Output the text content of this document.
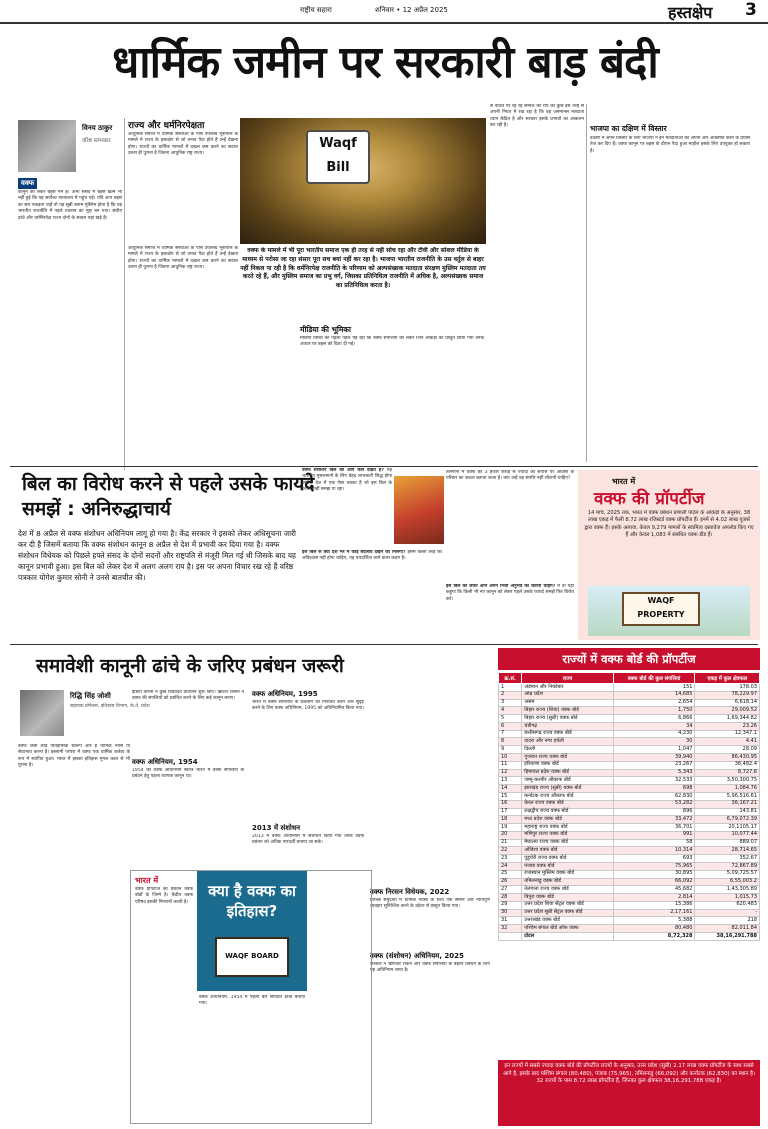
राष्ट्रीय सहारा	शनिवार • 12 अप्रैल 2025	हस्तक्षेप 3
धार्मिक जमीन पर सरकारी बाड़ बंदी
विनय ठाकुर
वरिष्ठ स्तंभकार
वक्फ
कानून को लेकर बहस गर्म है। अभी संसद में बहस खत्म भी नहीं हुई कि यह सर्वोच्च न्यायालय में पहुंच गई। यदि आप बहस का सार पकड़ना चाहें तो यह सुन्नी बनाम मुस्लिम होता है कि यह भारतीय राजनीति में पहले टकराव का मुद्दा बन गया। संघीय ढांचे और धर्मनिरपेक्ष राज्य दोनों के सवाल यहां खड़े हैं।
राज्य और धर्मनिरपेक्षता
आधुनिक समाज में धार्मिक संस्थाओं के पास उपलब्ध भूसंपत्ति के मामले में राज्य के हस्तक्षेप से जो तनाव पैदा होते हैं उन्हें देखना होगा। राज्यों का धार्मिक मामलों में दखल कम करने का सवाल उतना ही पुराना है जितना आधुनिक राष्ट्र राज्य।
Waqf Bill
वक्फ के मामले में भी पूरा भारतीय समाज एक ही तरह से नहीं सोच रहा और टीवी और सोशल मीडिया के माध्यम से परोसा जा रहा संसार पूरा सच बयां नहीं कर रहा है। भाजपा भारतीय राजनीति के उस वर्तुल से बाहर नहीं निकल पा रही है कि धर्मनिरपेक्ष राजनीति के परिणाम को अल्पसंख्यक मतदाता संरक्षण मुस्लिम मतदाता तय करते रहे हैं, और मुस्लिम समाज का प्रभु वर्ग, जिसका प्रतिनिधित्व राजनीति में अधिक है, अल्पसंख्यक समाज का प्रतिनिधित्व करता है।
आधुनिक समाज में धार्मिक संस्थाओं के पास उपलब्ध भूसंपत्ति के मामले में राज्य के हस्तक्षेप से जो तनाव पैदा होते हैं उन्हें देखना होगा। राज्यों का धार्मिक मामलों में दखल कम करने का सवाल उतना ही पुराना है जितना आधुनिक राष्ट्र राज्य।
मीडिया की भूमिका
मीडिया विमर्श की पहली पहल यह रही कि वक्फ संपत्तियों को लेकर जिन आंकड़ों को प्रस्तुत किया गया उनके आधार पर बहस को दिशा दी गई।
से वंचित पर रह रहे समाज की राय को कुछ इस तरह से अपनी नियत में रख रहा है कि वह जनमानस मतदाता ध्यान केंद्रित है और सरकार इसके प्रभावों का आकलन कर रही है।	भाजपा का दक्षिण में विस्तार
दक्षिण में अपने विस्तार के लिए भाजपा ने इन मतदाताओं को अपनी ओर आकर्षित करने के प्रयास तेज कर दिए हैं। वक्फ कानून पर बहस के दौरान पैदा हुआ माहौल इसके लिए उपयुक्त हो सकता है।
बिल का विरोध करने से पहले उसके फायदे समझें : अनिरुद्धाचार्य
देश में 8 अप्रैल से वक्फ संशोधन अधिनियम लागू हो गया है। केंद्र सरकार ने इसको लेकर अधिसूचना जारी कर दी है जिसमें बताया कि वक्फ संशोधन कानून 8 अप्रैल से देश में प्रभावी कर दिया गया है। वक्फ संशोधन विधेयक को पिछले हफ्ते संसद के दोनों सदनों और राष्ट्रपति से मंजूरी मिल गई थी जिसके बाद यह कानून प्रभावी हुआ। इस बिल को लेकर देश में अलग अलग राय है। इस पर अपना विचार रख रहे हैं वरिष्ठ पत्रकार योगेश कुमार सोनी ने उनसे बातचीत की।
वक्फ संशोधन बिल को आप कैसे देखते हैं? यह भारतीय मुसलमानों के लिए बेहद लाभकारी सिद्ध होगा क्योंकि देश में एक ऐसा तबका है जो इस बिल के फायदे नहीं समझ पा रहा।
इस बिल से क्या देश भर में कोई बदलाव देखने को मिलेगा? इसमें किसी तरह का अविश्वास नहीं होना चाहिए, यह पारदर्शिता लाने वाला कदम है।
तेलंगाना में वक्फ की 3 हजार करोड़ से ज्यादा की संपत्ति पर ओवैसी के परिवार का कब्जा बताया जाता है। क्या उन्हें वह संपत्ति नहीं लौटानी चाहिए?
इस बिल को लेकर आप अपने निजी अनुभव को बताना चाहेंगे? मैं तो यही कहूंगा कि किसी भी नए कानून को लेकर पहले उसके फायदे समझें फिर विरोध करें।
भारत में
वक्फ की प्रॉपर्टीज
14 मार्च, 2025 तक, भारत में वक्फ प्रबंधन प्रणाली पोर्टल के आंकड़ों के अनुसार, 38 लाख एकड़ में फैली 8.72 लाख रजिस्टर्ड वक्फ प्रॉपर्टीज हैं। इनमें से 4.02 लाख यूजर्स द्वारा वक्फ हैं। इसके अलावा, केवल 9,279 मामलों के स्वामित्व दस्तावेज अपलोड किए गए हैं और केवल 1,083 में संबंधित वक्फ डीड हैं।
WAQF PROPERTY
समावेशी कानूनी ढांचे के जरिए प्रबंधन जरूरी
रिद्धि सिंह जोशी
सहायक प्रोफेसर, इतिहास विभाग, के.ते. प्रदेश
वक्फ जैसी तरह ऐतिहासिक स्वरूप और है धार्मिक न्यास या सेवाभाव करना है। इस्लामी परंपरा में वक्फ एक धार्मिक कर्तव्य के रूप में स्थापित हुआ। भारत में इसका इतिहास मुगल काल से भी पुराना है।
इंडिया कंपनी ने कुछ विवादित प्रावधान शुरू किए। ब्रिटिश शासन ने वक्फ की संपत्तियों को प्रबंधित करने के लिए कई कानून बनाए।
वक्फ अधिनियम, 1954
1954 का वक्फ अधिनियम स्वतंत्र भारत में वक्फ संपत्तियों के प्रबंधन हेतु पहला व्यापक कानून था।
वक्फ अधिनियम, 1995
भारत में वक्फ संपत्तियों के प्रशासन को नियंत्रित करने और सुदृढ़ करने के लिए वक्फ अधिनियम, 1995 को अधिनियमित किया गया।
2013 में संशोधन
2013 में वक्फ अधिनियम में संशोधन किया गया ताकि वक्फ प्रबंधन को अधिक पारदर्शी बनाया जा सके।
वक्फ निरसन विधेयक, 2022
विभिन्न समुदायों में धार्मिक न्यासों के साथ एक समान और न्यायपूर्ण व्यवहार सुनिश्चित करने के उद्देश्य से प्रस्तुत किया गया।
वक्फ (संशोधन) अधिनियम, 2025
सरकार ने भ्रष्टाचार रोकने और वक्फ संपत्तियों के बेहतर प्रबंधन के लिए यह अधिनियम लाया है।
भारत में
वक्फ प्रॉपर्टीज का प्रबंधन वक्फ बोर्डों के जिम्मे है। केंद्रीय वक्फ परिषद इसकी निगरानी करती है।
क्या है वक्फ का इतिहास?
WAQF BOARD
वक्फ अधिनियम, 1954 में पहली बार संगठित ढांचा बनाया गया।
राज्यों में वक्फ बोर्ड की प्रॉपर्टीज
क्र.सं.	राज्य	वक्फ बोर्ड की कुल संपत्तियां	एकड़ में कुल क्षेत्रफल
1	अंडमान और निकोबार	151	178.03
2	आंध्र प्रदेश	14,685	78,229.97
3	असम	2,654	6,618.14
4	बिहार राज्य (शिया) वक्फ बोर्ड	1,750	29,009.52
5	बिहार राज्य (सुन्नी) वक्फ बोर्ड	6,866	1,69,344.82
6	चंडीगढ़	34	23.26
7	छत्तीसगढ़ राज्य वक्फ बोर्ड	4,230	12,347.1
8	दादरा और नगर हवेली	30	4.41
9	दिल्ली	1,047	28.09
10	गुजरात राज्य वक्फ बोर्ड	39,940	86,430.95
11	हरियाणा वक्फ बोर्ड	23,267	36,482.4
12	हिमाचल प्रदेश वक्फ बोर्ड	5,343	8,727.6
13	जम्मू-कश्मीर औकाफ बोर्ड	32,533	3,50,300.75
14	झारखंड राज्य (सुन्नी) वक्फ बोर्ड	698	1,084.76
15	कर्नाटक राज्य औकाफ बोर्ड	62,830	5,96,516.61
16	केरल राज्य वक्फ बोर्ड	53,282	36,167.21
17	लक्षद्वीप राज्य वक्फ बोर्ड	896	143.81
18	मध्य प्रदेश वक्फ बोर्ड	33,472	6,79,072.39
19	महाराष्ट्र राज्य वक्फ बोर्ड	36,701	20,1105.17
20	मणिपुर राज्य वक्फ बोर्ड	991	10,077.44
21	मेघालय राज्य वक्फ बोर्ड	58	889.07
22	ओडिशा वक्फ बोर्ड	10,314	28,714.65
23	पुडुचेरी राज्य वक्फ बोर्ड	693	352.67
24	पंजाब वक्फ बोर्ड	75,965	72,867.89
25	राजस्थान मुस्लिम वक्फ बोर्ड	30,895	5,09,725.57
26	तमिलनाडु वक्फ बोर्ड	66,092	6,55,003.2
27	तेलंगाना राज्य वक्फ बोर्ड	45,682	1,43,305.89
28	त्रिपुरा वक्फ बोर्ड	2,814	1,015.73
29	उत्तर प्रदेश शिया सेंट्रल वक्फ बोर्ड	15,386	620.483
30	उत्तर प्रदेश सुन्नी सेंट्रल वक्फ बोर्ड	2,17,161	-
31	उत्तराखंड वक्फ बोर्ड	5,388	218
32	पश्चिम बंगाल बोर्ड ऑफ वक्फ	80,480	82,011.84
	टोटल	8,72,328	38,16,291.788
इन राज्यों में सबसे ज्यादा वक्फ बोर्ड की प्रॉपर्टीज राज्यों के अनुसार, उत्तर प्रदेश (सुन्नी) 2.17 लाख वक्फ प्रॉपर्टीज के साथ सबसे आगे है, इसके बाद पश्चिम बंगाल (80,480), पंजाब (75,965), तमिलनाडु (66,092) और कर्नाटक (62,830) का स्थान है। 32 राज्यों के पास 8.72 लाख प्रॉपर्टीज हैं, जिनका कुल क्षेत्रफल 38,16,291.788 एकड़ है।
